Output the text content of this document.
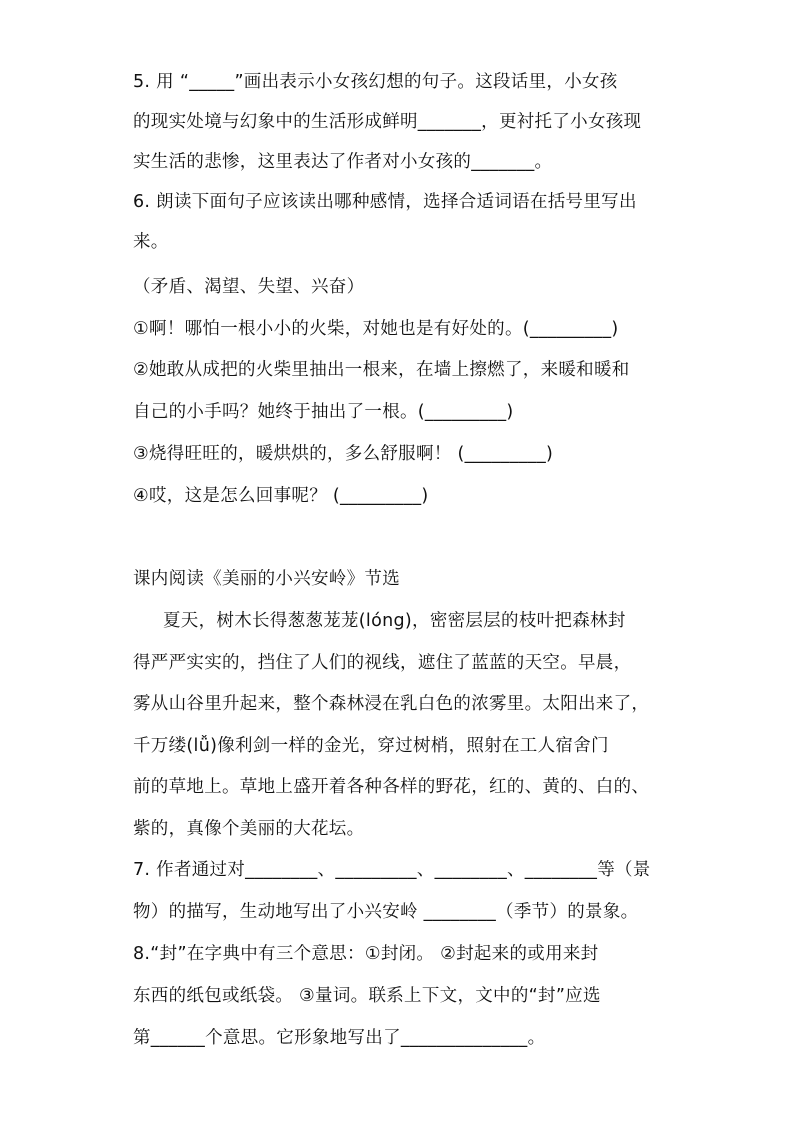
5. 用 “_____”画出表示小女孩幻想的句子。这段话里，小女孩
的现实处境与幻象中的生活形成鲜明_______，更衬托了小女孩现
实生活的悲惨，这里表达了作者对小女孩的_______。
6. 朗读下面句子应该读出哪种感情，选择合适词语在括号里写出
来。
（矛盾、渴望、失望、兴奋）
①啊！哪怕一根小小的火柴，对她也是有好处的。(_________)
②她敢从成把的火柴里抽出一根来，在墙上擦燃了，来暖和暖和
自己的小手吗？她终于抽出了一根。(_________)
③烧得旺旺的，暖烘烘的，多么舒服啊！ (_________)
④哎，这是怎么回事呢？ (_________)
课内阅读《美丽的小兴安岭》节选
夏天，树木长得葱葱茏茏(lóng)，密密层层的枝叶把森林封
得严严实实的，挡住了人们的视线，遮住了蓝蓝的天空。早晨，
雾从山谷里升起来，整个森林浸在乳白色的浓雾里。太阳出来了，
千万缕(lǚ)像利剑一样的金光，穿过树梢，照射在工人宿舍门
前的草地上。草地上盛开着各种各样的野花，红的、黄的、白的、
紫的，真像个美丽的大花坛。
7. 作者通过对________、_________、________、________等（景
物）的描写，生动地写出了小兴安岭 ________（季节）的景象。
8.“封”在字典中有三个意思：①封闭。 ②封起来的或用来封
东西的纸包或纸袋。 ③量词。联系上下文，文中的“封”应选
第______个意思。它形象地写出了______________。
